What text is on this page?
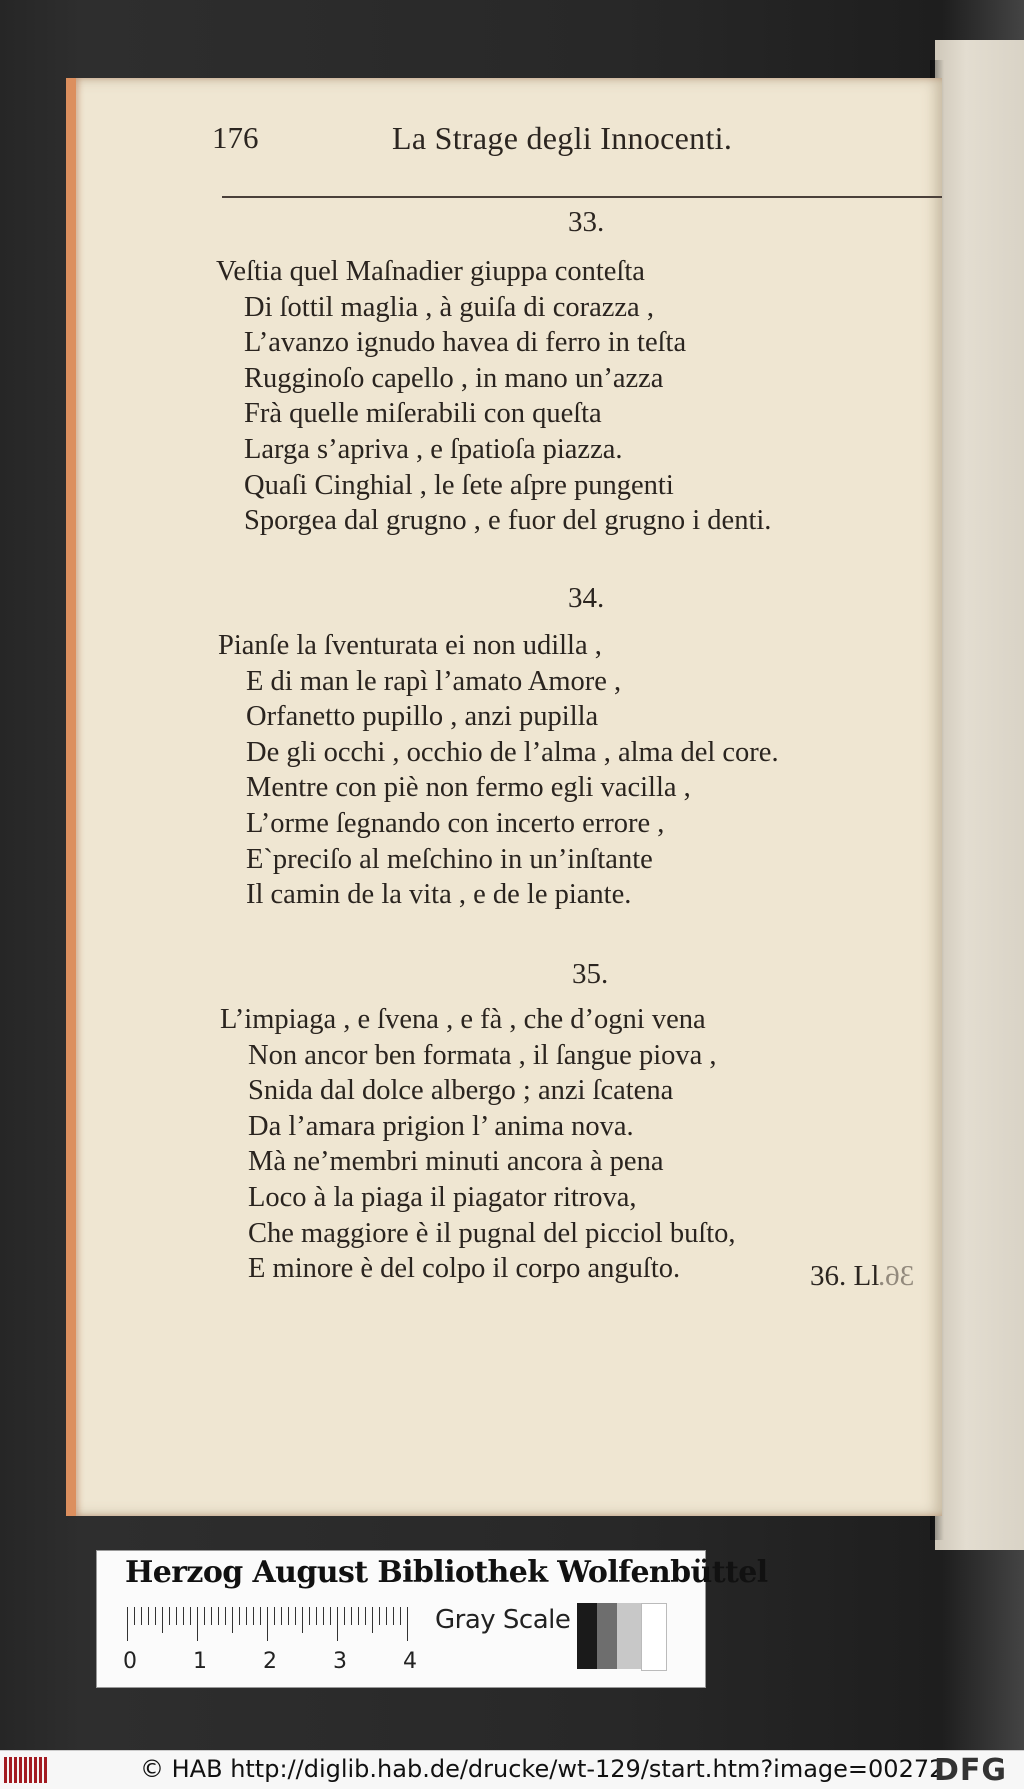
176	La Strage degli Innocenti.
33.
Veſtia quel Maſnadier giuppa conteſta
Di ſottil maglia , à guiſa di corazza ,
L’avanzo ignudo havea di ferro in teſta
Rugginoſo capello , in mano un’azza
Frà quelle miſerabili con queſta
Larga s’apriva , e ſpatioſa piazza.
Quaſi Cinghial , le ſete aſpre pungenti
Sporgea dal grugno , e fuor del grugno i denti.
34.
Pianſe la ſventurata ei non udilla ,
E di man le rapì l’amato Amore ,
Orfanetto pupillo , anzi pupilla
De gli occhi , occhio de l’alma , alma del core.
Mentre con piè non fermo egli vacilla ,
L’orme ſegnando con incerto errore ,
E`preciſo al meſchino in un’inſtante
Il camin de la vita , e de le piante.
35.
L’impiaga , e ſvena , e fà , che d’ogni vena
Non ancor ben formata , il ſangue piova ,
Snida dal dolce albergo ; anzi ſcatena
Da l’amara prigion l’ anima nova.
Mà ne’membri minuti ancora à pena
Loco à la piaga il piagator ritrova,
Che maggiore è il pugnal del picciol buſto,
E minore è del colpo il corpo anguſto.	36. Ll
36.
Herzog August Bibliothek Wolfenbüttel
0	1	2	3	4
Gray Scale
© HAB http://diglib.hab.de/drucke/wt-129/start.htm?image=00272
DFG
